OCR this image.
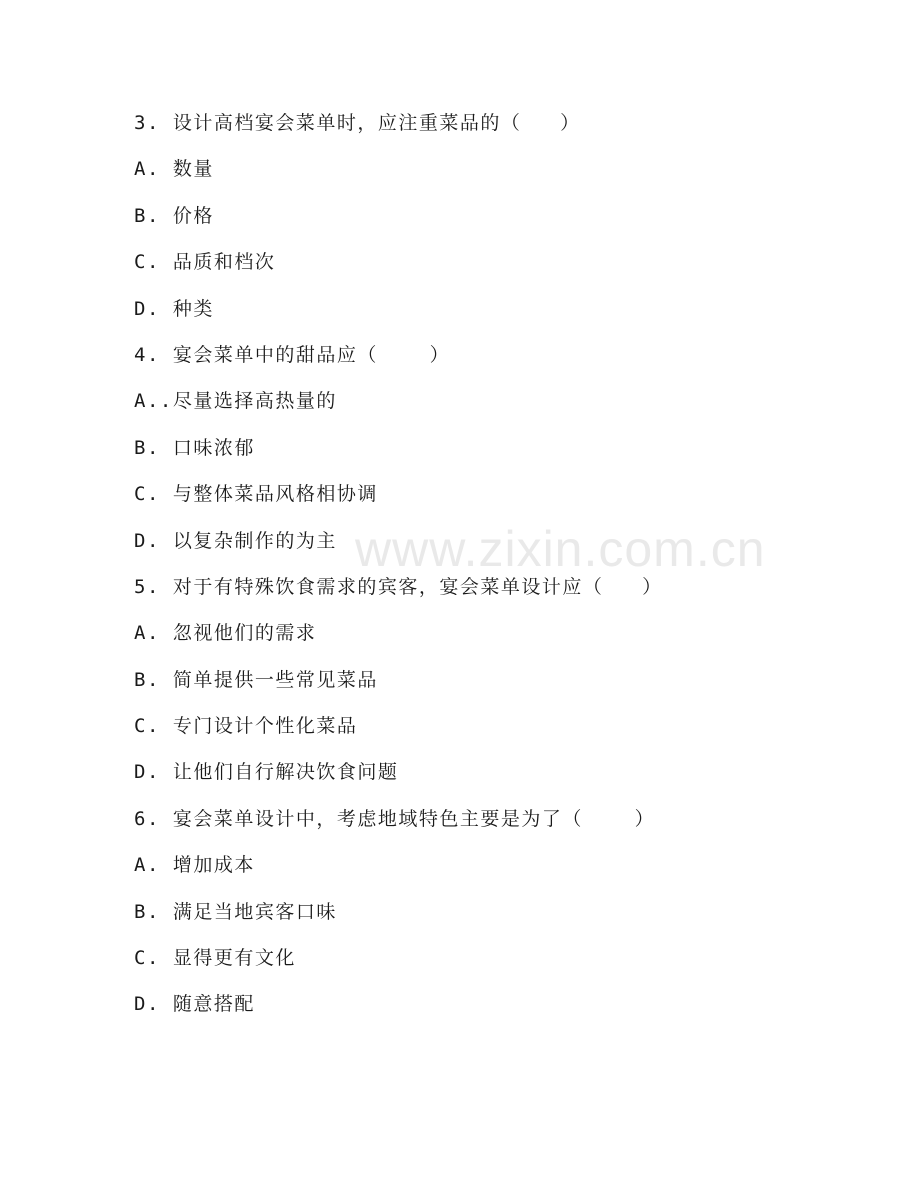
www.zixin.com.cn
3. 设计高档宴会菜单时，应注重菜品的（   ）
A. 数量
B. 价格
C. 品质和档次
D. 种类
4. 宴会菜单中的甜品应（    ）
A..尽量选择高热量的
B. 口味浓郁
C. 与整体菜品风格相协调
D. 以复杂制作的为主
5. 对于有特殊饮食需求的宾客，宴会菜单设计应（   ）
A. 忽视他们的需求
B. 简单提供一些常见菜品
C. 专门设计个性化菜品
D. 让他们自行解决饮食问题
6. 宴会菜单设计中，考虑地域特色主要是为了（    ）
A. 增加成本
B. 满足当地宾客口味
C. 显得更有文化
D. 随意搭配
